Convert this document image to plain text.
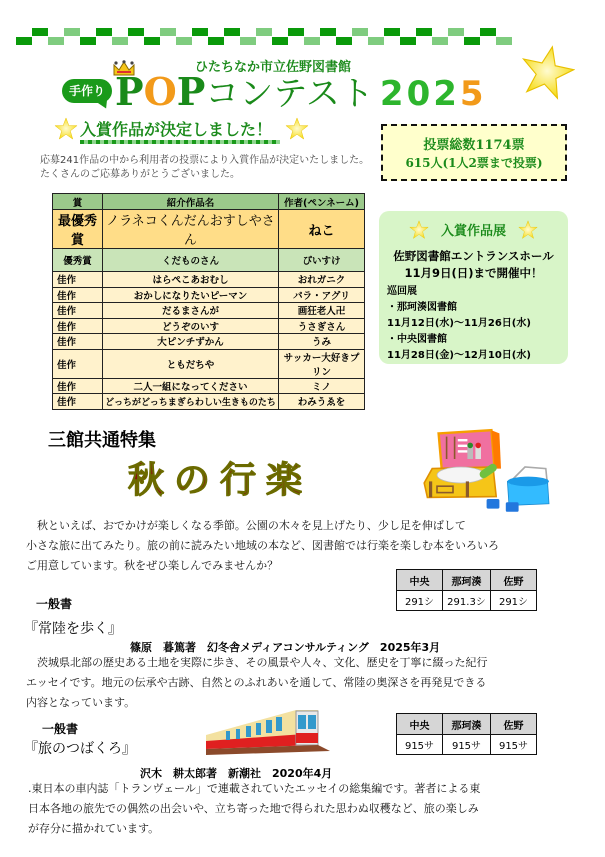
ひたちなか市立佐野図書館
手作り POPコンテスト 2025
入賞作品が決定しました！
応募241作品の中から利用者の投票により入賞作品が決定いたしました。
たくさんのご応募ありがとうございました。
投票総数1174票
615人(1人2票まで投票)
賞	紹介作品名	作者(ペンネーム)
最優秀賞	ノラネコくんだんおすしやさん	ねこ
優秀賞	くだものさん	ぴいすけ
佳作	はらぺこあおむし	おれガニク
佳作	おかしになりたいピーマン	パラ・アグリ
佳作	だるまさんが	画狂老人卍
佳作	どうぞのいす	うさぎさん
佳作	大ピンチずかん	うみ
佳作	ともだちや	サッカー大好きプリン
佳作	二人一組になってください	ミノ
佳作	どっちがどっちまぎらわしい生きものたち	わみうゑを
入賞作品展
佐野図書館エントランスホール
11月9日(日)まで開催中！
巡回展
・那珂湊図書館
11月12日(水)～11月26日(水)
・中央図書館
11月28日(金)～12月10日(水)
三館共通特集
秋の行楽
　秋といえば、おでかけが楽しくなる季節。公園の木々を見上げたり、少し足を伸ばして
小さな旅に出てみたり。旅の前に読みたい地域の本など、図書館では行楽を楽しむ本をいろいろ
ご用意しています。秋をぜひ楽しんでみませんか？
中央	那珂湊	佐野
291シ	291.3シ	291シ
一般書
『常陸を歩く』
篠原　暮篤著　幻冬舎メディアコンサルティング　2025年3月
　茨城県北部の歴史ある土地を実際に歩き、その風景や人々、文化、歴史を丁寧に綴った紀行
エッセイです。地元の伝承や古跡、自然とのふれあいを通して、常陸の奥深さを再発見できる
内容となっています。
中央	那珂湊	佐野
915サ	915サ	915サ
一般書
『旅のつばくろ』
沢木　耕太郎著　新潮社　2020年4月
.東日本の車内誌「トランヴェール」で連載されていたエッセイの総集編です。著者による東
日本各地の旅先での偶然の出会いや、立ち寄った地で得られた思わぬ収穫など、旅の楽しみ
が存分に描かれています。
